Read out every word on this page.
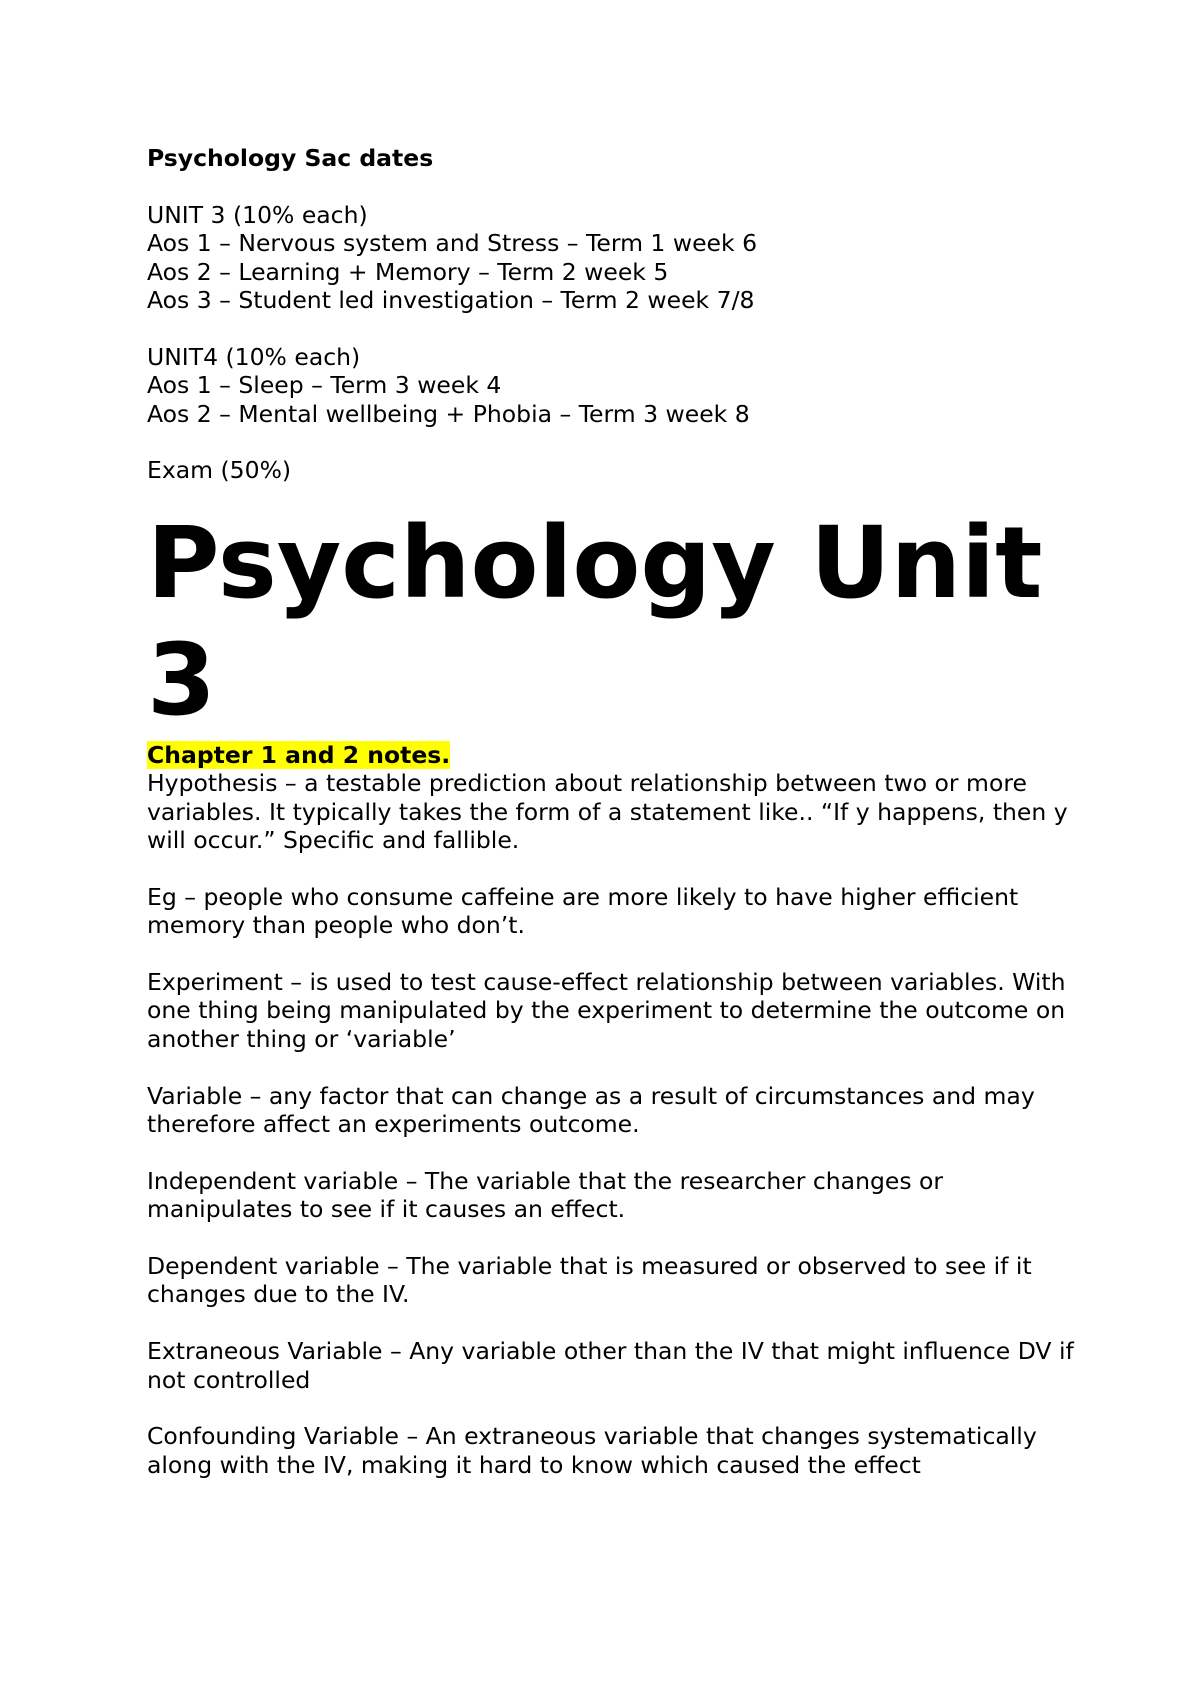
Psychology Sac dates

UNIT 3 (10% each)

Aos 1 – Nervous system and Stress – Term 1 week 6

Aos 2 – Learning + Memory – Term 2 week 5

Aos 3 – Student led investigation – Term 2 week 7/8

UNIT4 (10% each)

Aos 1 – Sleep – Term 3 week 4

Aos 2 – Mental wellbeing + Phobia – Term 3 week 8

Exam (50%)

Psychology Unit 3

Chapter 1 and 2 notes.

Hypothesis – a testable prediction about relationship between two or more variables. It typically takes the form of a statement like.. “If y happens, then y will occur.” Specific and fallible.

Eg – people who consume caffeine are more likely to have higher efficient memory than people who don’t.

Experiment – is used to test cause-effect relationship between variables. With one thing being manipulated by the experiment to determine the outcome on another thing or ‘variable’

Variable – any factor that can change as a result of circumstances and may therefore affect an experiments outcome.

Independent variable – The variable that the researcher changes or manipulates to see if it causes an effect.

Dependent variable – The variable that is measured or observed to see if it changes due to the IV.

Extraneous Variable – Any variable other than the IV that might influence DV if not controlled

Confounding Variable – An extraneous variable that changes systematically along with the IV, making it hard to know which caused the effect
